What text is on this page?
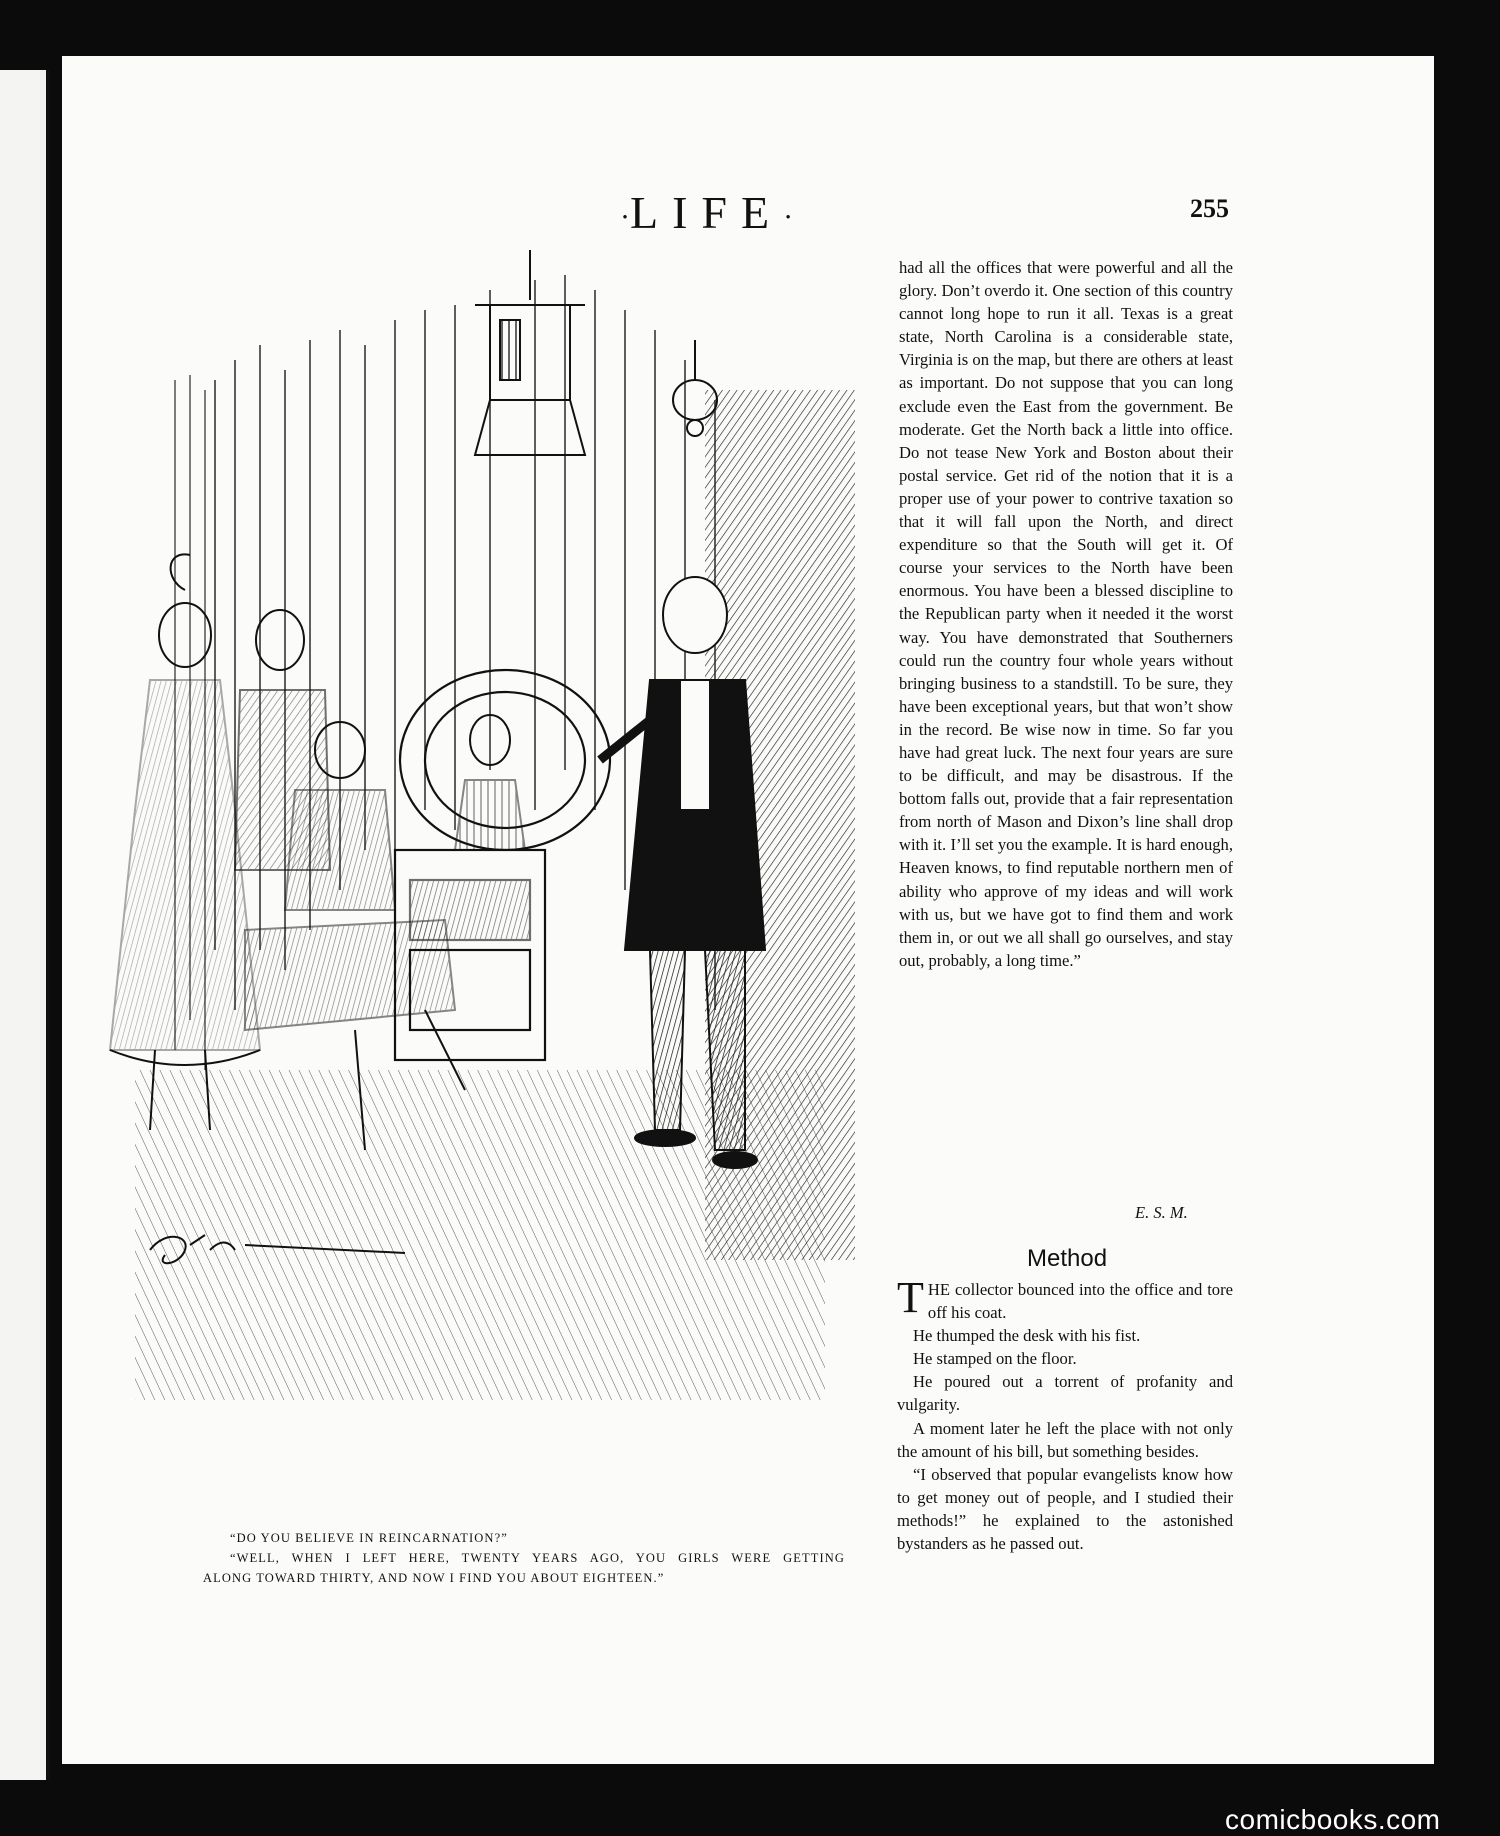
·LIFE·	255

“DO YOU BELIEVE IN REINCARNATION?”

“WELL, WHEN I LEFT HERE, TWENTY YEARS AGO, YOU GIRLS WERE GETTING

ALONG TOWARD THIRTY, AND NOW I FIND YOU ABOUT EIGHTEEN.”

had all the offices that were powerful and all the glory. Don’t overdo it. One section of this country cannot long hope to run it all. Texas is a great state, North Carolina is a considerable state, Virginia is on the map, but there are others at least as important. Do not suppose that you can long exclude even the East from the government. Be moderate. Get the North back a little into office. Do not tease New York and Boston about their postal service. Get rid of the notion that it is a proper use of your power to contrive taxation so that it will fall upon the North, and direct expenditure so that the South will get it. Of course your services to the North have been enormous. You have been a blessed discipline to the Republican party when it needed it the worst way. You have demonstrated that Southerners could run the country four whole years without bringing business to a standstill. To be sure, they have been exceptional years, but that won’t show in the record. Be wise now in time. So far you have had great luck. The next four years are sure to be difficult, and may be disastrous. If the bottom falls out, provide that a fair representation from north of Mason and Dixon’s line shall drop with it. I’ll set you the example. It is hard enough, Heaven knows, to find reputable northern men of ability who approve of my ideas and will work with us, but we have got to find them and work them in, or out we all shall go ourselves, and stay out, probably, a long time.”

E. S. M.
Method

THE collector bounced into the office and tore off his coat.

He thumped the desk with his fist.

He stamped on the floor.

He poured out a torrent of profanity and vulgarity.

A moment later he left the place with not only the amount of his bill, but something besides.

“I observed that popular evangelists know how to get money out of people, and I studied their methods!” he explained to the astonished bystanders as he passed out.

comicbooks.com
